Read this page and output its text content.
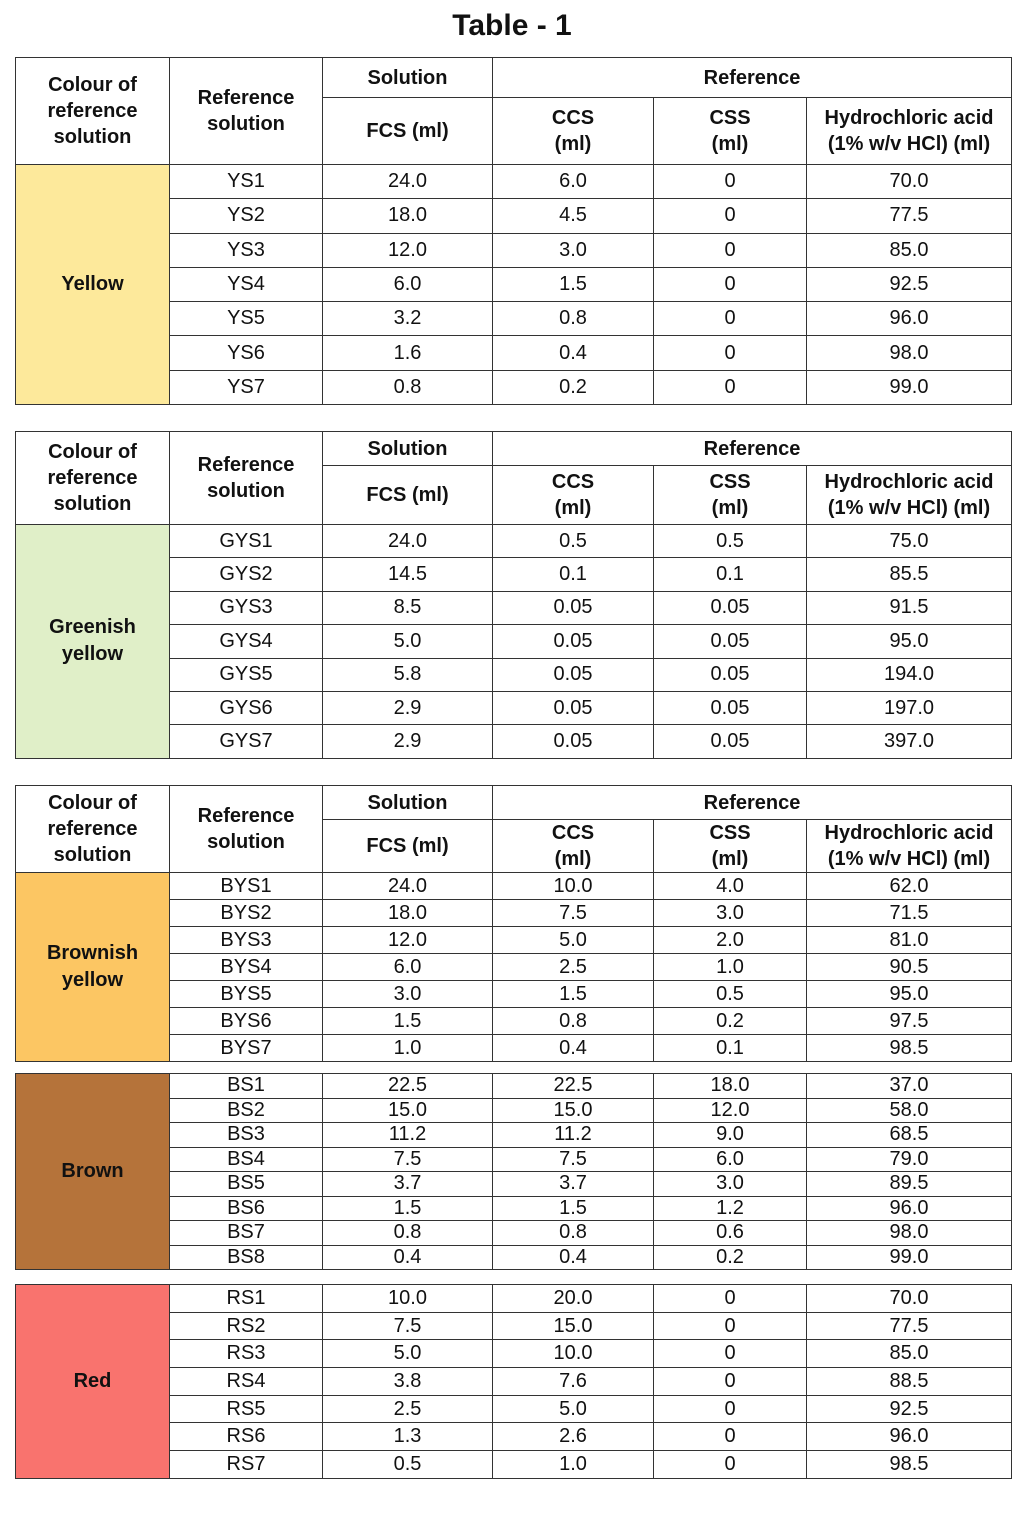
Table - 1
Colour of reference solution	Reference solution	Solution	Reference		
		FCS (ml)	CCS (ml)	CSS (ml)	Hydrochloric acid (1% w/v HCl) (ml)
Yellow	YS1	24.0	6.0	0	70.0
	YS2	18.0	4.5	0	77.5
	YS3	12.0	3.0	0	85.0
	YS4	6.0	1.5	0	92.5
	YS5	3.2	0.8	0	96.0
	YS6	1.6	0.4	0	98.0
	YS7	0.8	0.2	0	99.0
Colour of reference solution	Reference solution	Solution	Reference		
		FCS (ml)	CCS (ml)	CSS (ml)	Hydrochloric acid (1% w/v HCl) (ml)
Greenish yellow	GYS1	24.0	0.5	0.5	75.0
	GYS2	14.5	0.1	0.1	85.5
	GYS3	8.5	0.05	0.05	91.5
	GYS4	5.0	0.05	0.05	95.0
	GYS5	5.8	0.05	0.05	194.0
	GYS6	2.9	0.05	0.05	197.0
	GYS7	2.9	0.05	0.05	397.0
Colour of reference solution	Reference solution	Solution	Reference		
		FCS (ml)	CCS (ml)	CSS (ml)	Hydrochloric acid (1% w/v HCl) (ml)
Brownish yellow	BYS1	24.0	10.0	4.0	62.0
	BYS2	18.0	7.5	3.0	71.5
	BYS3	12.0	5.0	2.0	81.0
	BYS4	6.0	2.5	1.0	90.5
	BYS5	3.0	1.5	0.5	95.0
	BYS6	1.5	0.8	0.2	97.5
	BYS7	1.0	0.4	0.1	98.5
Brown	BS1	22.5	22.5	18.0	37.0
	BS2	15.0	15.0	12.0	58.0
	BS3	11.2	11.2	9.0	68.5
	BS4	7.5	7.5	6.0	79.0
	BS5	3.7	3.7	3.0	89.5
	BS6	1.5	1.5	1.2	96.0
	BS7	0.8	0.8	0.6	98.0
	BS8	0.4	0.4	0.2	99.0
Red	RS1	10.0	20.0	0	70.0
	RS2	7.5	15.0	0	77.5
	RS3	5.0	10.0	0	85.0
	RS4	3.8	7.6	0	88.5
	RS5	2.5	5.0	0	92.5
	RS6	1.3	2.6	0	96.0
	RS7	0.5	1.0	0	98.5
